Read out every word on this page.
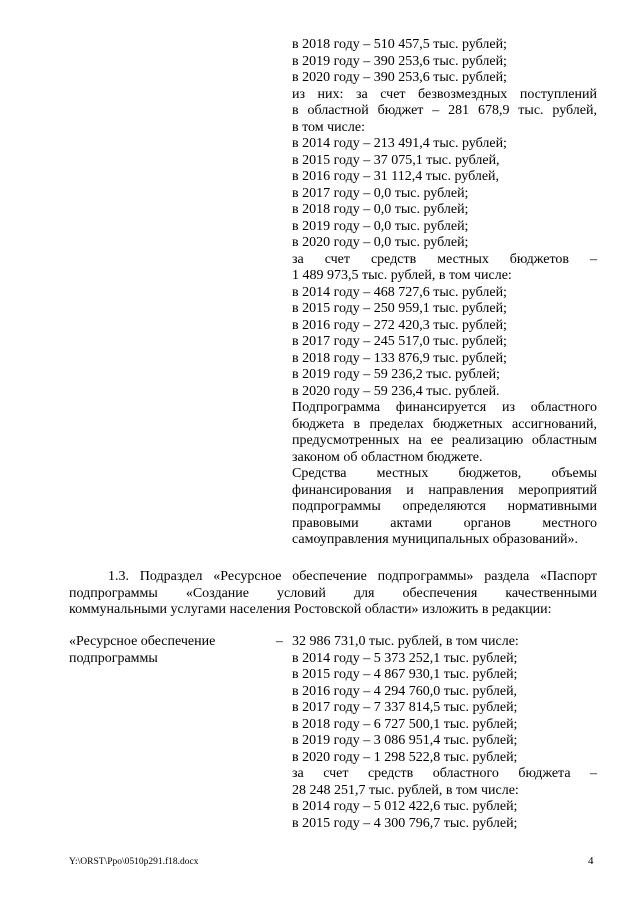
в 2018 году – 510 457,5 тыс. рублей;
в 2019 году – 390 253,6 тыс. рублей;
в 2020 году – 390 253,6 тыс. рублей;
из них: за счет безвозмездных поступлений
в областной бюджет – 281 678,9 тыс. рублей,
в том числе:
в 2014 году – 213 491,4 тыс. рублей;
в 2015 году – 37 075,1 тыс. рублей,
в 2016 году – 31 112,4 тыс. рублей,
в 2017 году – 0,0 тыс. рублей;
в 2018 году – 0,0 тыс. рублей;
в 2019 году – 0,0 тыс. рублей;
в 2020 году – 0,0 тыс. рублей;
за счет средств местных бюджетов –
1 489 973,5 тыс. рублей, в том числе:
в 2014 году – 468 727,6 тыс. рублей;
в 2015 году – 250 959,1 тыс. рублей;
в 2016 году – 272 420,3 тыс. рублей;
в 2017 году – 245 517,0 тыс. рублей;
в 2018 году – 133 876,9 тыс. рублей;
в 2019 году – 59 236,2 тыс. рублей;
в 2020 году – 59 236,4 тыс. рублей.
Подпрограмма финансируется из областного
бюджета в пределах бюджетных ассигнований,
предусмотренных на ее реализацию областным
законом об областном бюджете.
Средства местных бюджетов, объемы
финансирования и направления мероприятий
подпрограммы определяются нормативными
правовыми актами органов местного
самоуправления муниципальных образований».
1.3. Подраздел «Ресурсное обеспечение подпрограммы» раздела «Паспорт
подпрограммы «Создание условий для обеспечения качественными
коммунальными услугами населения Ростовской области» изложить в редакции:
«Ресурсное обеспечение
подпрограммы
– 32 986 731,0 тыс. рублей, в том числе:
в 2014 году – 5 373 252,1 тыс. рублей;
в 2015 году – 4 867 930,1 тыс. рублей;
в 2016 году – 4 294 760,0 тыс. рублей,
в 2017 году – 7 337 814,5 тыс. рублей;
в 2018 году – 6 727 500,1 тыс. рублей;
в 2019 году – 3 086 951,4 тыс. рублей;
в 2020 году – 1 298 522,8 тыс. рублей;
за счет средств областного бюджета –
28 248 251,7 тыс. рублей, в том числе:
в 2014 году – 5 012 422,6 тыс. рублей;
в 2015 году – 4 300 796,7 тыс. рублей;
Y:\ORST\Ppo\0510p291.f18.docx	4
